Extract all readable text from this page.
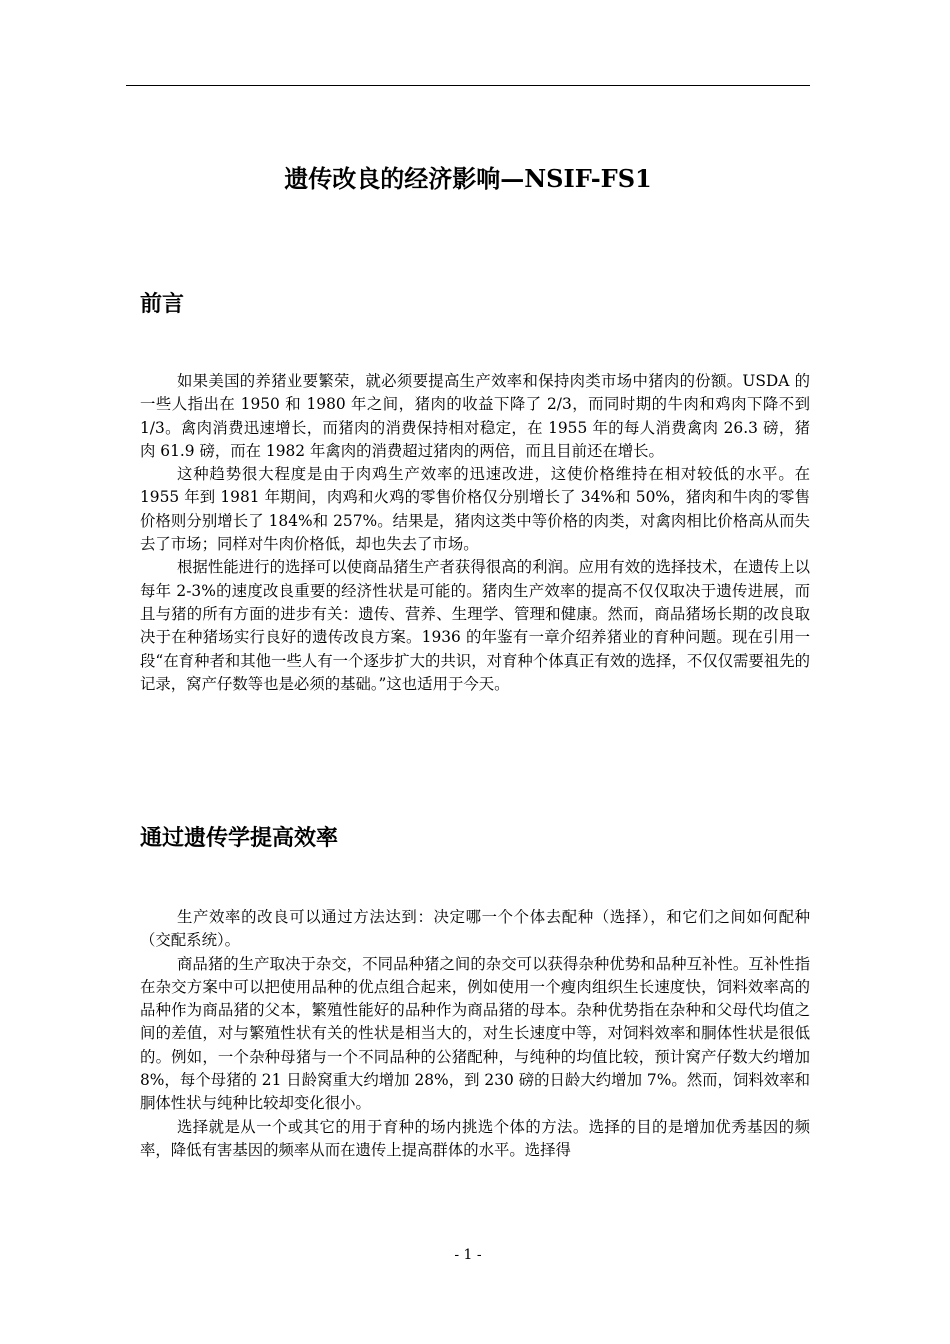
遗传改良的经济影响—NSIF-FS1
前言

如果美国的养猪业要繁荣，就必须要提高生产效率和保持肉类市场中猪肉的份额。USDA 的一些人指出在 1950 和 1980 年之间，猪肉的收益下降了 2/3，而同时期的牛肉和鸡肉下降不到 1/3。禽肉消费迅速增长，而猪肉的消费保持相对稳定，在 1955 年的每人消费禽肉 26.3 磅，猪肉 61.9 磅，而在 1982 年禽肉的消费超过猪肉的两倍，而且目前还在增长。

这种趋势很大程度是由于肉鸡生产效率的迅速改进，这使价格维持在相对较低的水平。在 1955 年到 1981 年期间，肉鸡和火鸡的零售价格仅分别增长了 34%和 50%，猪肉和牛肉的零售价格则分别增长了 184%和 257%。结果是，猪肉这类中等价格的肉类，对禽肉相比价格高从而失去了市场；同样对牛肉价格低，却也失去了市场。

根据性能进行的选择可以使商品猪生产者获得很高的利润。应用有效的选择技术，在遗传上以每年 2-3%的速度改良重要的经济性状是可能的。猪肉生产效率的提高不仅仅取决于遗传进展，而且与猪的所有方面的进步有关：遗传、营养、生理学、管理和健康。然而，商品猪场长期的改良取决于在种猪场实行良好的遗传改良方案。1936 的年鉴有一章介绍养猪业的育种问题。现在引用一段“在育种者和其他一些人有一个逐步扩大的共识，对育种个体真正有效的选择，不仅仅需要祖先的记录，窝产仔数等也是必须的基础。”这也适用于今天。

通过遗传学提高效率

生产效率的改良可以通过方法达到：决定哪一个个体去配种（选择），和它们之间如何配种（交配系统）。

商品猪的生产取决于杂交，不同品种猪之间的杂交可以获得杂种优势和品种互补性。互补性指在杂交方案中可以把使用品种的优点组合起来，例如使用一个瘦肉组织生长速度快，饲料效率高的品种作为商品猪的父本，繁殖性能好的品种作为商品猪的母本。杂种优势指在杂种和父母代均值之间的差值，对与繁殖性状有关的性状是相当大的，对生长速度中等，对饲料效率和胴体性状是很低的。例如，一个杂种母猪与一个不同品种的公猪配种，与纯种的均值比较，预计窝产仔数大约增加 8%，每个母猪的 21 日龄窝重大约增加 28%，到 230 磅的日龄大约增加 7%。然而，饲料效率和胴体性状与纯种比较却变化很小。

选择就是从一个或其它的用于育种的场内挑选个体的方法。选择的目的是增加优秀基因的频率，降低有害基因的频率从而在遗传上提高群体的水平。选择得

- 1 -
